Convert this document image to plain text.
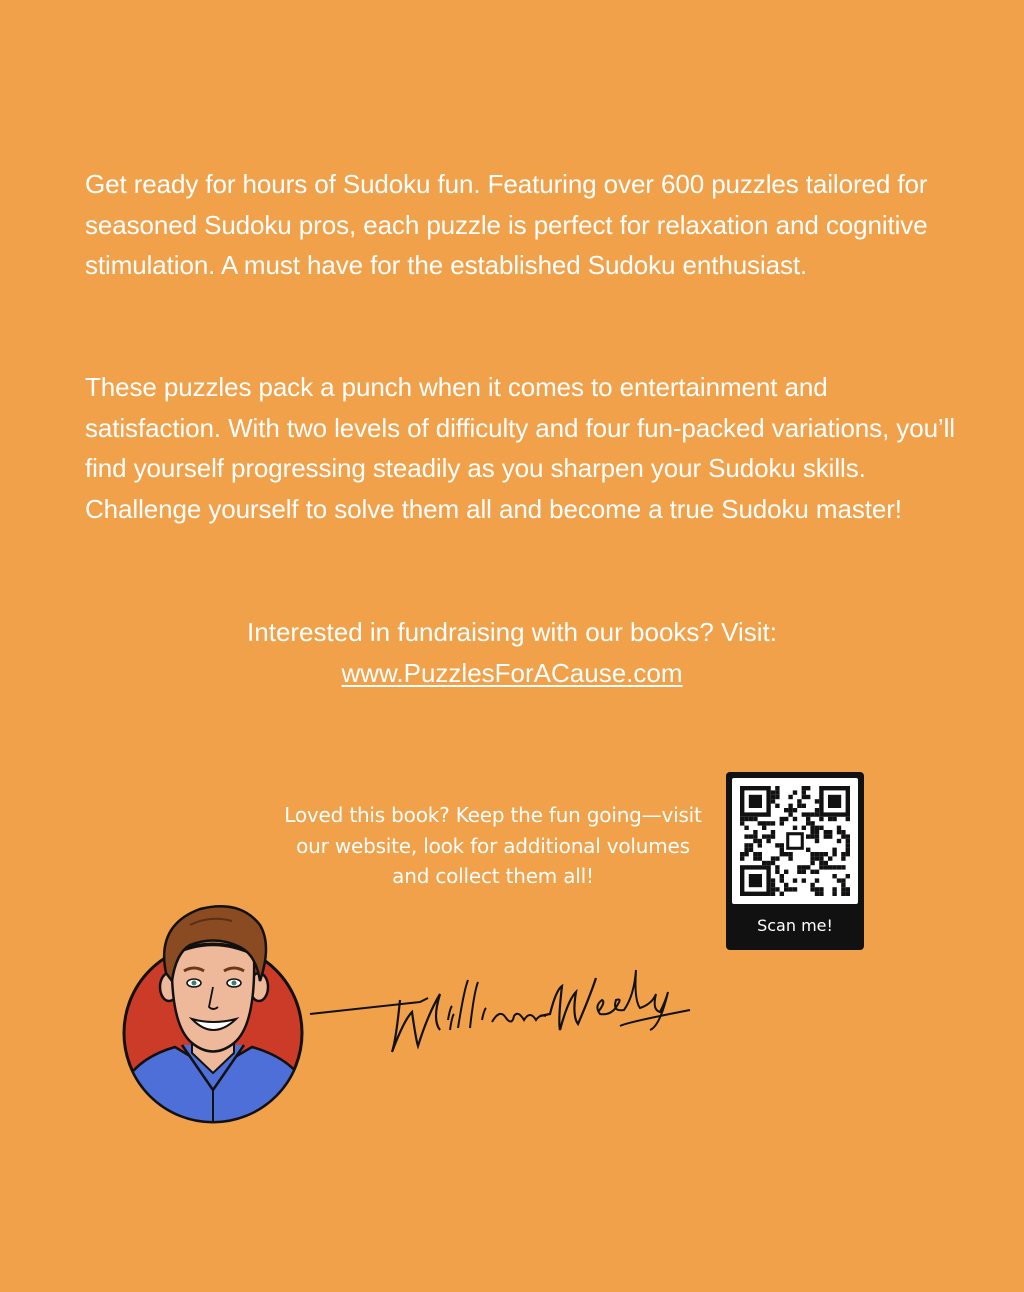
Get ready for hours of Sudoku fun. Featuring over 600 puzzles tailored for seasoned Sudoku pros, each puzzle is perfect for relaxation and cognitive stimulation. A must have for the established Sudoku enthusiast.

These puzzles pack a punch when it comes to entertainment and satisfaction. With two levels of difficulty and four fun-packed variations, you’ll find yourself progressing steadily as you sharpen your Sudoku skills. Challenge yourself to solve them all and become a true Sudoku master!

Interested in fundraising with our books? Visit:
www.PuzzlesForACause.com
Loved this book? Keep the fun going—visit our website, look for additional volumes and collect them all!
Scan me!
